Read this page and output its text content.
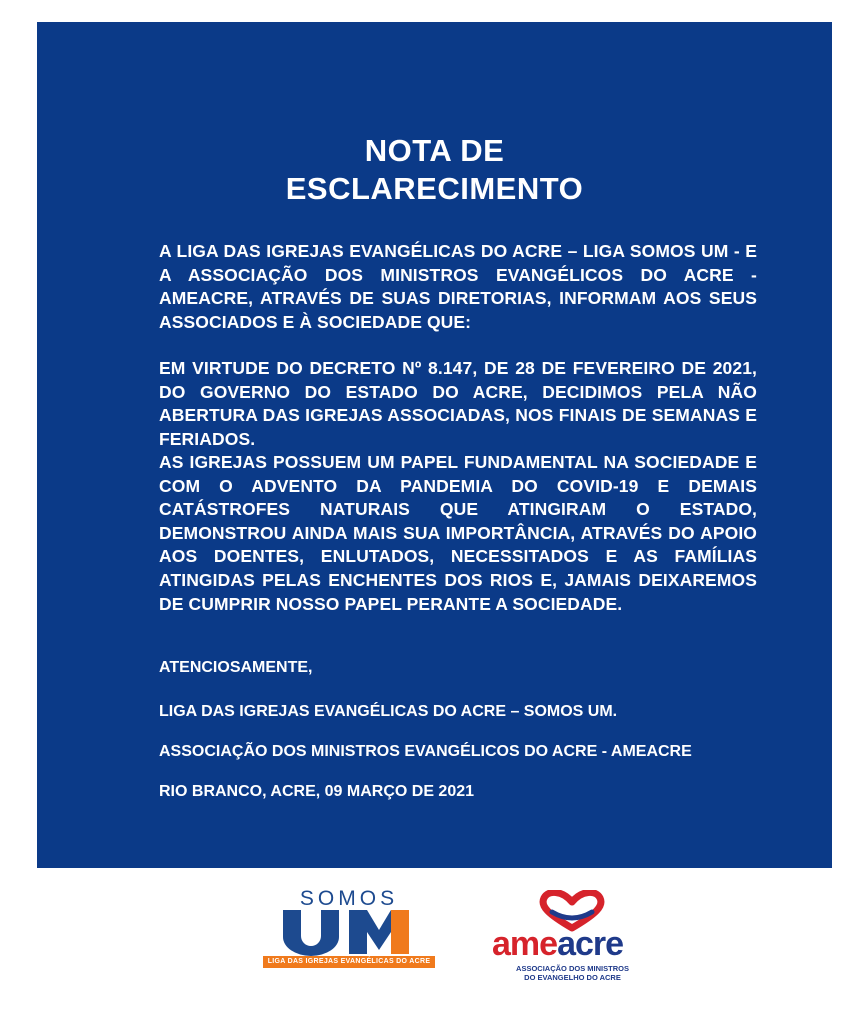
NOTA DE
ESCLARECIMENTO
A LIGA DAS IGREJAS EVANGÉLICAS DO ACRE – LIGA SOMOS UM - E A ASSOCIAÇÃO DOS MINISTROS EVANGÉLICOS DO ACRE - AMEACRE, ATRAVÉS DE SUAS DIRETORIAS, INFORMAM AOS SEUS ASSOCIADOS E À SOCIEDADE QUE:
EM VIRTUDE DO DECRETO Nº 8.147, DE 28 DE FEVEREIRO DE 2021, DO GOVERNO DO ESTADO DO ACRE, DECIDIMOS PELA NÃO ABERTURA DAS IGREJAS ASSOCIADAS, NOS FINAIS DE SEMANAS E FERIADOS.
AS IGREJAS POSSUEM UM PAPEL FUNDAMENTAL NA SOCIEDADE E COM O ADVENTO DA PANDEMIA DO COVID-19 E DEMAIS CATÁSTROFES NATURAIS QUE ATINGIRAM O ESTADO, DEMONSTROU AINDA MAIS SUA IMPORTÂNCIA, ATRAVÉS DO APOIO AOS DOENTES, ENLUTADOS, NECESSITADOS E AS FAMÍLIAS ATINGIDAS PELAS ENCHENTES DOS RIOS E, JAMAIS DEIXAREMOS DE CUMPRIR NOSSO PAPEL PERANTE A SOCIEDADE.
ATENCIOSAMENTE,
LIGA DAS IGREJAS EVANGÉLICAS DO ACRE – SOMOS UM.
ASSOCIAÇÃO DOS MINISTROS EVANGÉLICOS DO ACRE - AMEACRE
RIO BRANCO, ACRE, 09 MARÇO DE 2021
SOMOS
LIGA DAS IGREJAS EVANGÉLICAS DO ACRE ameacre
ASSOCIAÇÃO DOS MINISTROS
DO EVANGELHO DO ACRE
